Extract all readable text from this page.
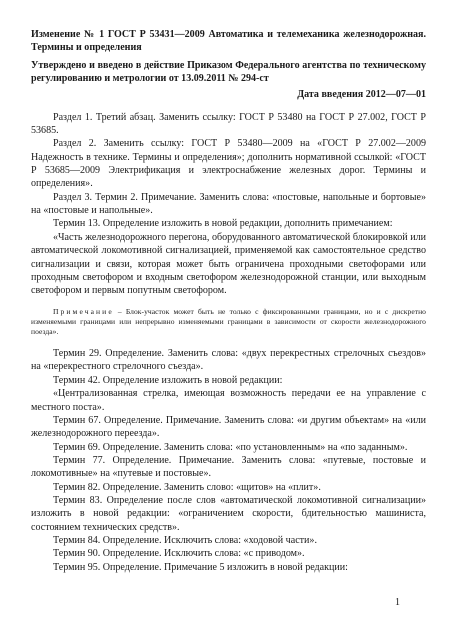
Изменение № 1 ГОСТ Р 53431—2009 Автоматика и телемеханика железнодорожная. Термины и определения

Утверждено и введено в действие Приказом Федерального агентства по техническому регулированию и метрологии от 13.09.2011 № 294-ст

Дата введения 2012—07—01

Раздел 1. Третий абзац. Заменить ссылку: ГОСТ Р 53480 на ГОСТ Р 27.002, ГОСТ Р 53685.

Раздел 2. Заменить ссылку: ГОСТ Р 53480—2009 на «ГОСТ Р 27.002—2009 Надежность в технике. Термины и определения»; дополнить нормативной ссылкой: «ГОСТ Р 53685—2009 Электрификация и электроснабжение железных дорог. Термины и определения».

Раздел 3. Термин 2. Примечание. Заменить слова: «постовые, напольные и бортовые» на «постовые и напольные».

Термин 13. Определение изложить в новой редакции, дополнить примечанием:

«Часть железнодорожного перегона, оборудованного автоматической блокировкой или автоматической локомотивной сигнализацией, применяемой как самостоятельное средство сигнализации и связи, которая может быть ограничена проходными светофорами или проходным светофором и входным светофором железнодорожной станции, или выходным светофором и первым попутным светофором.

Примечание – Блок-участок может быть не только с фиксированными границами, но и с дискретно изменяемыми границами или непрерывно изменяемыми границами в зависимости от скорости железнодорожного поезда».

Термин 29. Определение. Заменить слова: «двух перекрестных стрелочных съездов» на «перекрестного стрелочного съезда».

Термин 42. Определение изложить в новой редакции:

«Централизованная стрелка, имеющая возможность передачи ее на управление с местного поста».

Термин 67. Определение. Примечание. Заменить слова: «и другим объектам» на «или железнодорожного переезда».

Термин 69. Определение. Заменить слова: «по установленным» на «по заданным».

Термин 77. Определение. Примечание. Заменить слова: «путевые, постовые и локомотивные» на «путевые и постовые».

Термин 82. Определение. Заменить слово: «щитов» на «плит».

Термин 83. Определение после слов «автоматической локомотивной сигнализации» изложить в новой редакции: «ограничением скорости, бдительностью машиниста, состоянием технических средств».

Термин 84. Определение. Исключить слова: «ходовой части».

Термин 90. Определение. Исключить слова: «с приводом».

Термин 95. Определение. Примечание 5 изложить в новой редакции:

1
